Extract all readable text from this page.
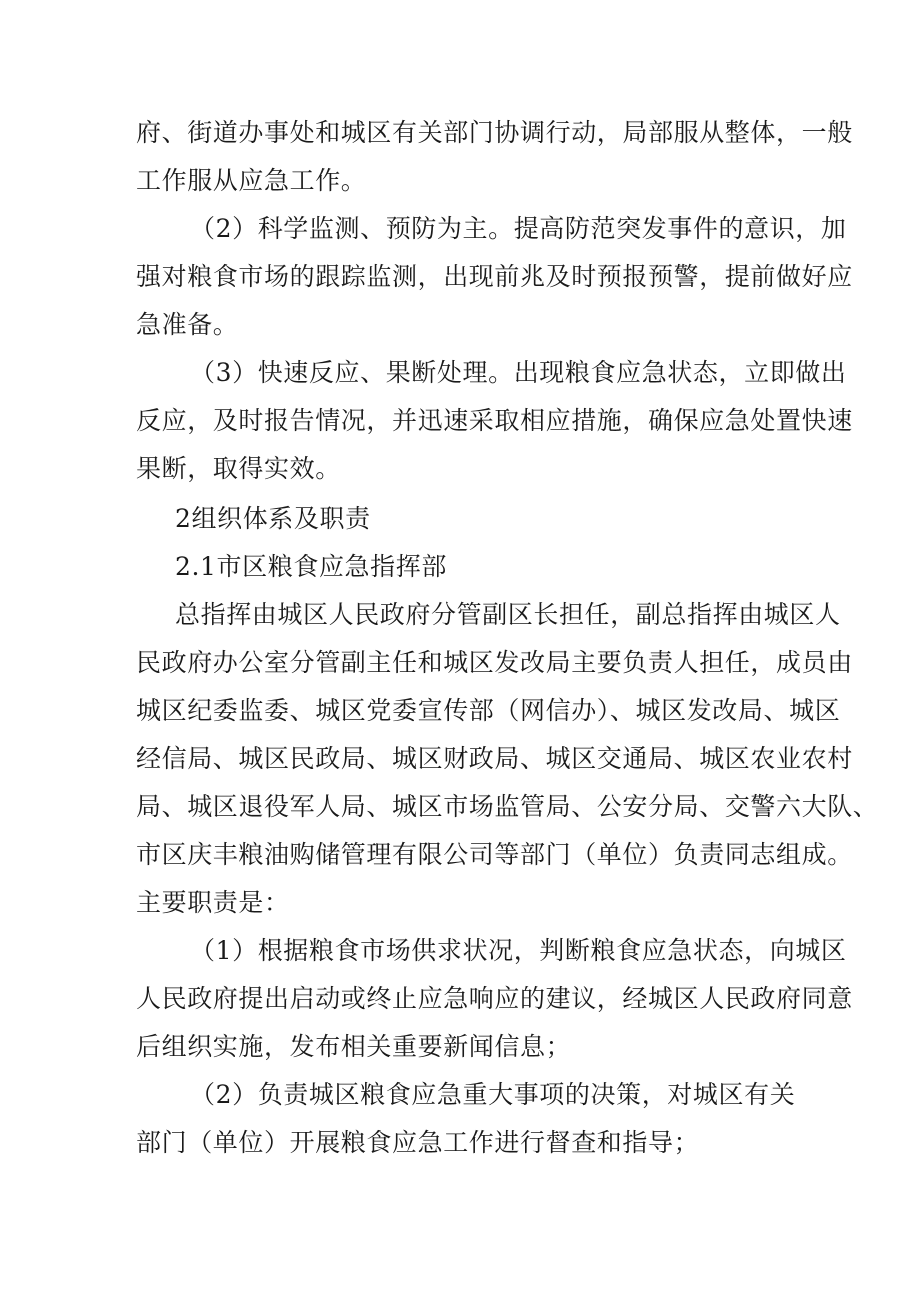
府、街道办事处和城区有关部门协调行动，局部服从整体，一般
工作服从应急工作。
（2）科学监测、预防为主。提高防范突发事件的意识，加
强对粮食市场的跟踪监测，出现前兆及时预报预警，提前做好应
急准备。
（3）快速反应、果断处理。出现粮食应急状态，立即做出
反应，及时报告情况，并迅速采取相应措施，确保应急处置快速
果断，取得实效。
2组织体系及职责
2.1市区粮食应急指挥部
总指挥由城区人民政府分管副区长担任，副总指挥由城区人
民政府办公室分管副主任和城区发改局主要负责人担任，成员由
城区纪委监委、城区党委宣传部（网信办）、城区发改局、城区
经信局、城区民政局、城区财政局、城区交通局、城区农业农村
局、城区退役军人局、城区市场监管局、公安分局、交警六大队、
市区庆丰粮油购储管理有限公司等部门（单位）负责同志组成。
主要职责是：
（1）根据粮食市场供求状况，判断粮食应急状态，向城区
人民政府提出启动或终止应急响应的建议，经城区人民政府同意
后组织实施，发布相关重要新闻信息；
（2）负责城区粮食应急重大事项的决策，对城区有关
部门（单位）开展粮食应急工作进行督查和指导；
